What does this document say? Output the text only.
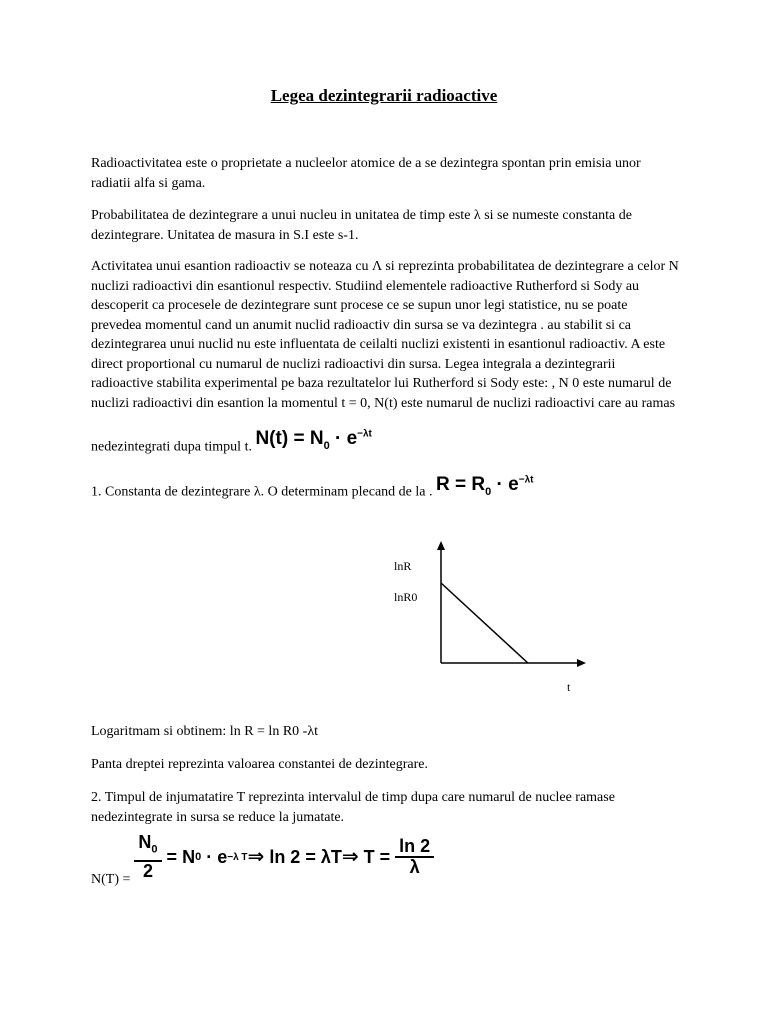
Legea dezintegrarii radioactive
Radioactivitatea este o proprietate a nucleelor atomice de a se dezintegra spontan prin emisia unor radiatii alfa si gama.
Probabilitatea de dezintegrare a unui nucleu in unitatea de timp este λ si se numeste constanta de dezintegrare. Unitatea de masura in S.I este s-1.
Activitatea unui esantion radioactiv se noteaza cu Λ si reprezinta probabilitatea de dezintegrare a celor N nuclizi radioactivi din esantionul respectiv. Studiind elementele radioactive Rutherford si Sody au descoperit ca procesele de dezintegrare sunt procese ce se supun unor legi statistice, nu se poate prevedea momentul cand un anumit nuclid radioactiv din sursa se va dezintegra . au stabilit si ca dezintegrarea unui nuclid nu este influentata de ceilalti nuclizi existenti in esantionul radioactiv. A este direct proportional cu numarul de nuclizi radioactivi din sursa. Legea integrala a dezintegrarii radioactive stabilita experimental pe baza rezultatelor lui Rutherford si Sody este: , N 0 este numarul de nuclizi radioactivi din esantion la momentul t = 0, N(t) este numarul de nuclizi radioactivi care au ramas
nedezintegrati dupa timpul t. $N(t) = N_0 \cdot e^{-\lambda t}$
1. Constanta de dezintegrare λ. O determinam plecand de la . $R = R_0 \cdot e^{-\lambda t}$
lnR
lnR0
t
Logaritmam si obtinem: ln R = ln R0 -λt
Panta dreptei reprezinta valoarea constantei de dezintegrare.
2. Timpul de injumatatire T reprezinta intervalul de timp dupa care numarul de nuclee ramase nedezintegrate in sursa se reduce la jumatate.
$N(T) = \frac{N_0}{2}$
=
N 0
·
e −λ T ⇒
ln 2 = λT ⇒
T =
$\frac{\ln 2}{\lambda}$
